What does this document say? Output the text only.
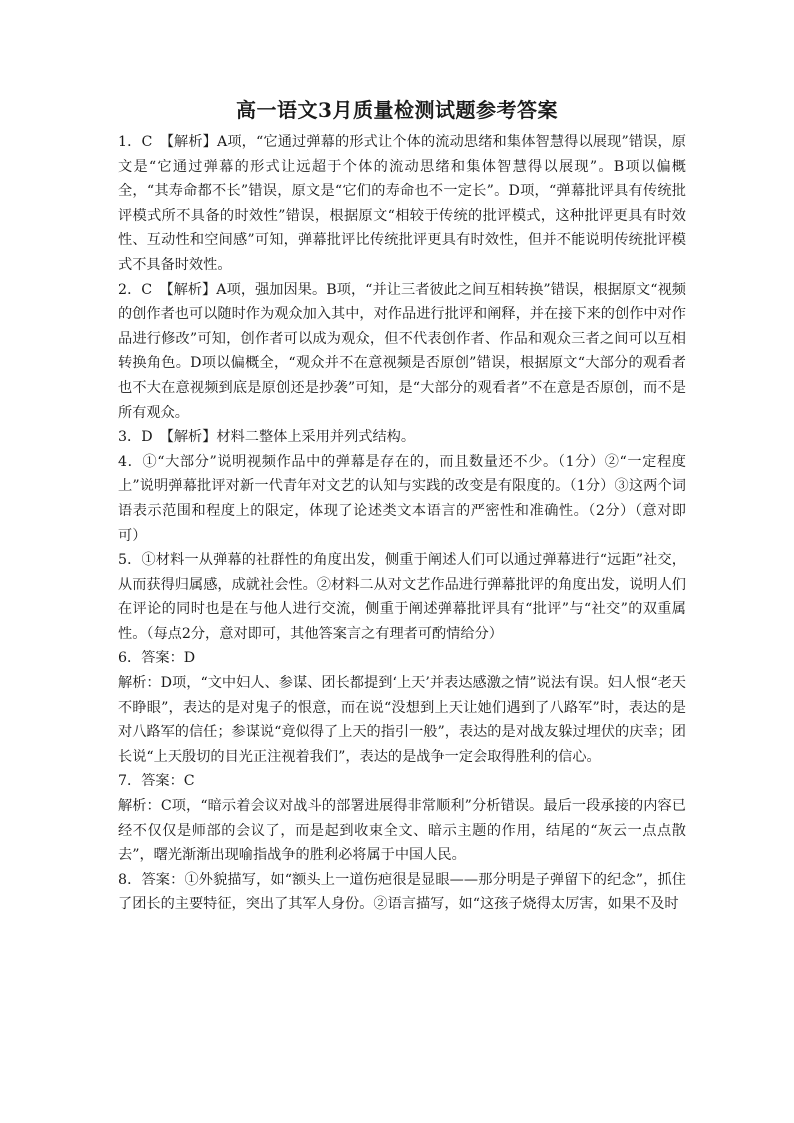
高一语文3月质量检测试题参考答案

1．C　【解析】A项，“它通过弹幕的形式让个体的流动思绪和集体智慧得以展现”错误，原文是“它通过弹幕的形式让远超于个体的流动思绪和集体智慧得以展现”。B项以偏概全，“其寿命都不长”错误，原文是“它们的寿命也不一定长”。D项，“弹幕批评具有传统批评模式所不具备的时效性”错误，根据原文“相较于传统的批评模式，这种批评更具有时效性、互动性和空间感”可知，弹幕批评比传统批评更具有时效性，但并不能说明传统批评模式不具备时效性。

2．C　【解析】A项，强加因果。B项，“并让三者彼此之间互相转换”错误，根据原文“视频的创作者也可以随时作为观众加入其中，对作品进行批评和阐释，并在接下来的创作中对作品进行修改”可知，创作者可以成为观众，但不代表创作者、作品和观众三者之间可以互相转换角色。D项以偏概全，“观众并不在意视频是否原创”错误，根据原文“大部分的观看者也不大在意视频到底是原创还是抄袭”可知，是“大部分的观看者”不在意是否原创，而不是所有观众。

3．D　【解析】材料二整体上采用并列式结构。

4．①“大部分”说明视频作品中的弹幕是存在的，而且数量还不少。（1分）②“一定程度上”说明弹幕批评对新一代青年对文艺的认知与实践的改变是有限度的。（1分）③这两个词语表示范围和程度上的限定，体现了论述类文本语言的严密性和准确性。（2分）（意对即可）

5．①材料一从弹幕的社群性的角度出发，侧重于阐述人们可以通过弹幕进行“远距”社交，从而获得归属感，成就社会性。②材料二从对文艺作品进行弹幕批评的角度出发，说明人们在评论的同时也是在与他人进行交流，侧重于阐述弹幕批评具有“批评”与“社交”的双重属性。（每点2分，意对即可，其他答案言之有理者可酌情给分）

6．答案：D

解析：D项，“文中妇人、参谋、团长都提到‘上天’并表达感激之情”说法有误。妇人恨“老天不睁眼”，表达的是对鬼子的恨意，而在说“没想到上天让她们遇到了八路军”时，表达的是对八路军的信任；参谋说“竟似得了上天的指引一般”，表达的是对战友躲过埋伏的庆幸；团长说“上天殷切的目光正注视着我们”，表达的是战争一定会取得胜利的信心。

7．答案：C

解析：C项，“暗示着会议对战斗的部署进展得非常顺利”分析错误。最后一段承接的内容已经不仅仅是师部的会议了，而是起到收束全文、暗示主题的作用，结尾的“灰云一点点散去”，曙光渐渐出现喻指战争的胜利必将属于中国人民。

8．答案：①外貌描写，如“额头上一道伤疤很是显眼——那分明是子弹留下的纪念”，抓住了团长的主要特征，突出了其军人身份。②语言描写，如“这孩子烧得太厉害，如果不及时
